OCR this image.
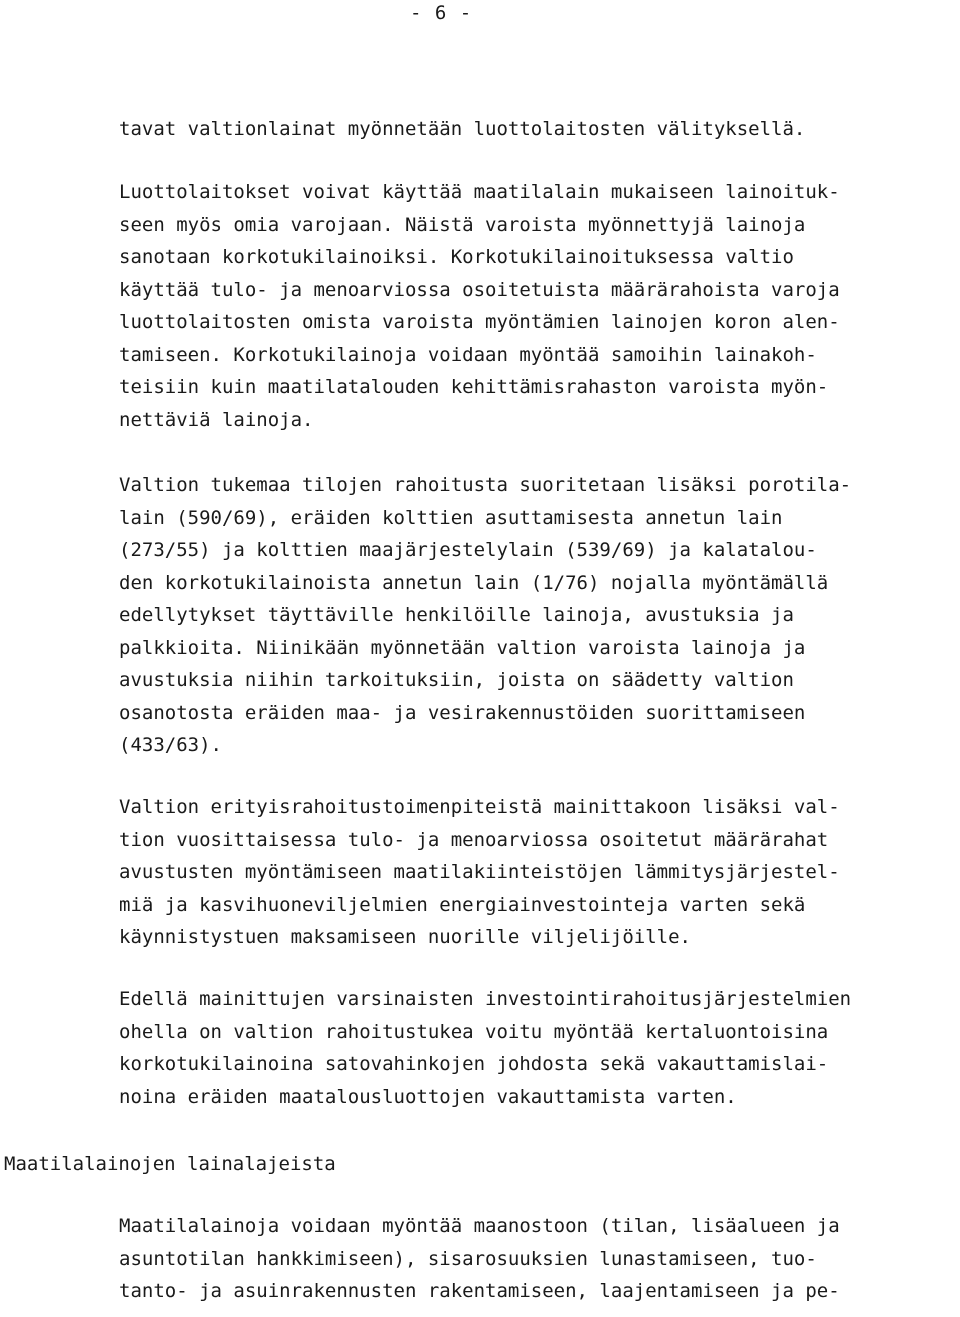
- 6 -
tavat valtionlainat myönnetään luottolaitosten välityksellä.
Luottolaitokset voivat käyttää maatilalain mukaiseen lainoituk-
seen myös omia varojaan. Näistä varoista myönnettyjä lainoja
sanotaan korkotukilainoiksi. Korkotukilainoituksessa valtio
käyttää tulo- ja menoarviossa osoitetuista määrärahoista varoja
luottolaitosten omista varoista myöntämien lainojen koron alen-
tamiseen. Korkotukilainoja voidaan myöntää samoihin lainakoh-
teisiin kuin maatilatalouden kehittämisrahaston varoista myön-
nettäviä lainoja.
Valtion tukemaa tilojen rahoitusta suoritetaan lisäksi porotila-
lain (590/69), eräiden kolttien asuttamisesta annetun lain
(273/55) ja kolttien maajärjestelylain (539/69) ja kalatalou-
den korkotukilainoista annetun lain (1/76) nojalla myöntämällä
edellytykset täyttäville henkilöille lainoja, avustuksia ja
palkkioita. Niinikään myönnetään valtion varoista lainoja ja
avustuksia niihin tarkoituksiin, joista on säädetty valtion
osanotosta eräiden maa- ja vesirakennustöiden suorittamiseen
(433/63).
Valtion erityisrahoitustoimenpiteistä mainittakoon lisäksi val-
tion vuosittaisessa tulo- ja menoarviossa osoitetut määrärahat
avustusten myöntämiseen maatilakiinteistöjen lämmitysjärjestel-
miä ja kasvihuoneviljelmien energiainvestointeja varten sekä
käynnistystuen maksamiseen nuorille viljelijöille.
Edellä mainittujen varsinaisten investointirahoitusjärjestelmien
ohella on valtion rahoitustukea voitu myöntää kertaluontoisina
korkotukilainoina satovahinkojen johdosta sekä vakauttamislai-
noina eräiden maatalousluottojen vakauttamista varten.
Maatilalainojen lainalajeista
Maatilalainoja voidaan myöntää maanostoon (tilan, lisäalueen ja
asuntotilan hankkimiseen), sisarosuuksien lunastamiseen, tuo-
tanto- ja asuinrakennusten rakentamiseen, laajentamiseen ja pe-
